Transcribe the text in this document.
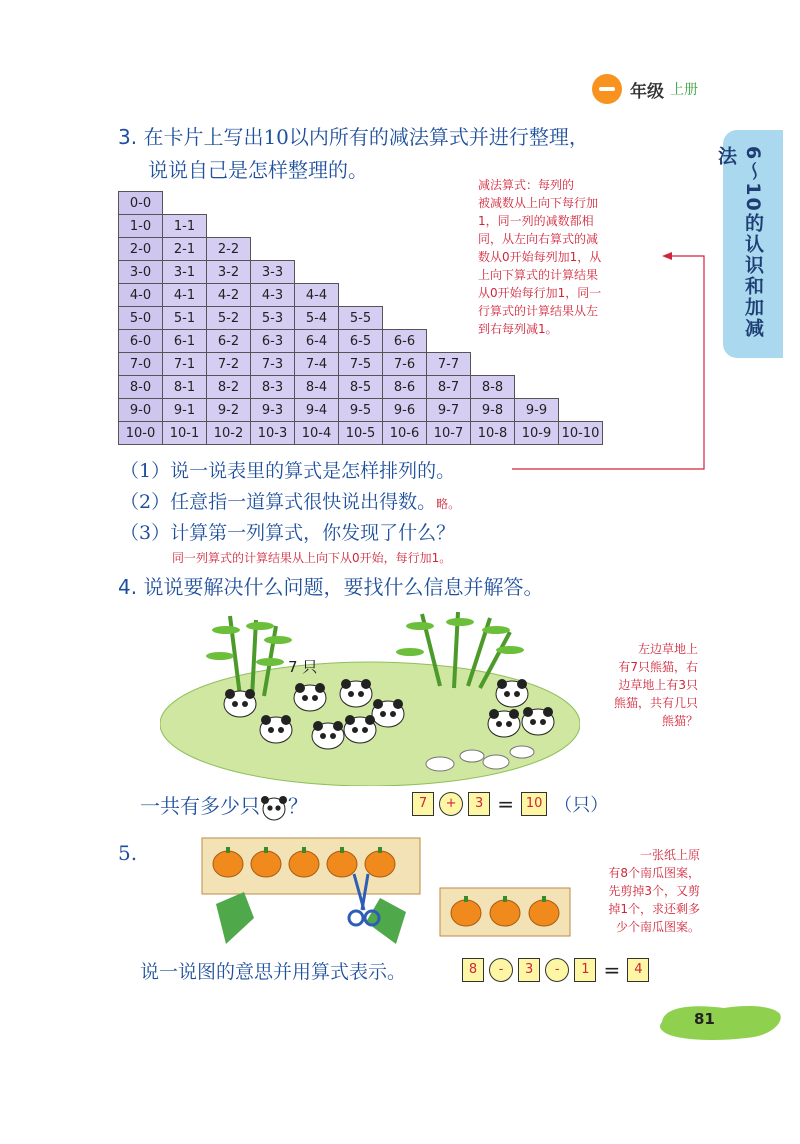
年级 上册
6～10的认识和加减法
3. 在卡片上写出10以内所有的减法算式并进行整理，
说说自己是怎样整理的。
0-0										
1-0	1-1									
2-0	2-1	2-2								
3-0	3-1	3-2	3-3							
4-0	4-1	4-2	4-3	4-4						
5-0	5-1	5-2	5-3	5-4	5-5					
6-0	6-1	6-2	6-3	6-4	6-5	6-6				
7-0	7-1	7-2	7-3	7-4	7-5	7-6	7-7			
8-0	8-1	8-2	8-3	8-4	8-5	8-6	8-7	8-8		
9-0	9-1	9-2	9-3	9-4	9-5	9-6	9-7	9-8	9-9	
10-0	10-1	10-2	10-3	10-4	10-5	10-6	10-7	10-8	10-9	10-10
减法算式：每列的
被减数从上向下每行加
1，同一列的减数都相
同，从左向右算式的减
数从0开始每列加1，从
上向下算式的计算结果
从0开始每行加1，同一
行算式的计算结果从左
到右每列减1。
（1）说一说表里的算式是怎样排列的。
（2）任意指一道算式很快说出得数。略。
（3）计算第一列算式，你发现了什么？
同一列算式的计算结果从上向下从0开始，每行加1。
4. 说说要解决什么问题，要找什么信息并解答。
7 只
左边草地上
有7只熊猫，右
边草地上有3只
熊猫，共有几只
熊猫？
一共有多少只 ？	7 + 3 = 10 （只）
5.	一张纸上原
有8个南瓜图案，
先剪掉3个，又剪
掉1个，求还剩多
少个南瓜图案。
说一说图的意思并用算式表示。	8 - 3 - 1 = 4
81
